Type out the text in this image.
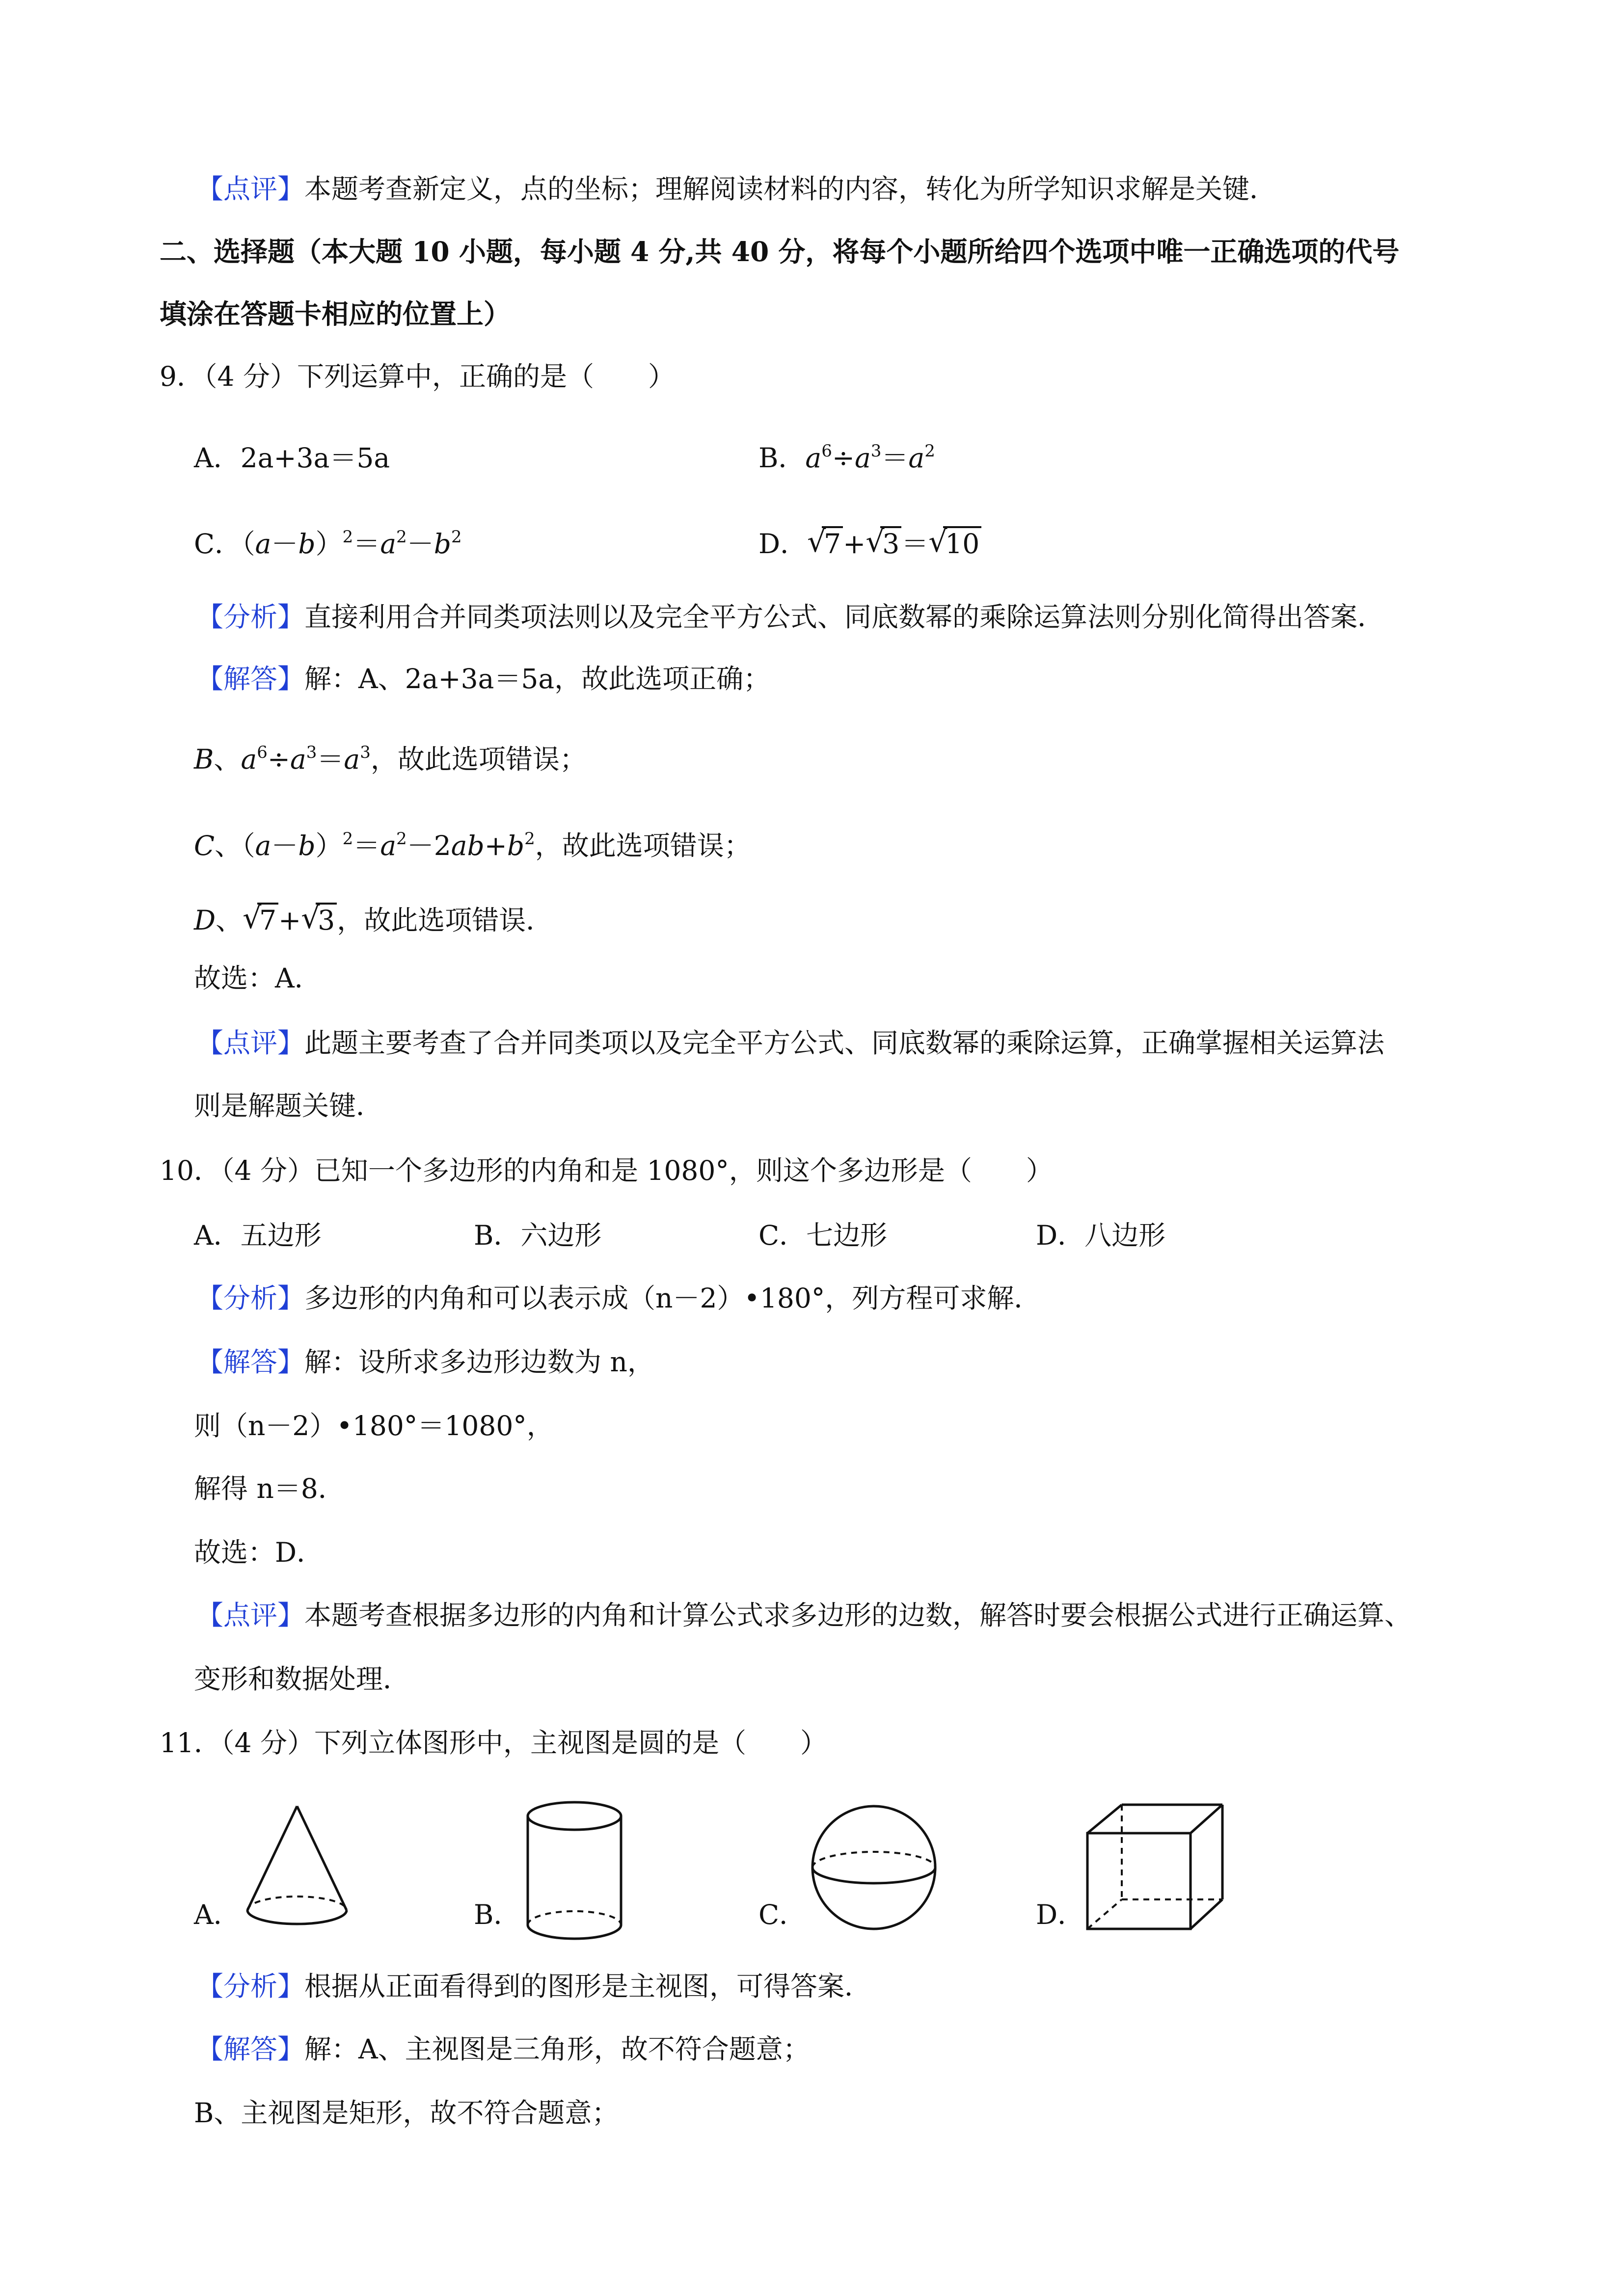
【点评】本题考查新定义，点的坐标；理解阅读材料的内容，转化为所学知识求解是关键．
二、选择题（本大题 10 小题，每小题 4 分,共 40 分，将每个小题所给四个选项中唯一正确选项的代号
填涂在答题卡相应的位置上）
9．（4 分）下列运算中，正确的是（　　）
A．2a+3a＝5a	B．$a^6\div a^3=a^2$
C．$(a-b)^2=a^2-b^2$	D． √ 7+ √ 3＝ √ 10
【分析】直接利用合并同类项法则以及完全平方公式、同底数幂的乘除运算法则分别化简得出答案．
【解答】解：A、2a+3a＝5a，故此选项正确；
B、$a^6\div a^3=a^3$，故此选项错误；
C、$(a-b)^2=a^2-2ab+b^2$，故此选项错误；
D、 √ 7+ √ 3，故此选项错误．
故选：A．
【点评】此题主要考查了合并同类项以及完全平方公式、同底数幂的乘除运算，正确掌握相关运算法
则是解题关键．
10．（4 分）已知一个多边形的内角和是 1080°，则这个多边形是（　　）
A．五边形	B．六边形	C．七边形	D．八边形
【分析】多边形的内角和可以表示成（n－2）•180°，列方程可求解．
【解答】解：设所求多边形边数为 n，
则（n－2）•180°＝1080°，
解得 n＝8．
故选：D．
【点评】本题考查根据多边形的内角和计算公式求多边形的边数，解答时要会根据公式进行正确运算、
变形和数据处理．
11．（4 分）下列立体图形中，主视图是圆的是（　　）
A．	B．	C．	D．
【分析】根据从正面看得到的图形是主视图，可得答案．
【解答】解：A、主视图是三角形，故不符合题意；
B、主视图是矩形，故不符合题意；
